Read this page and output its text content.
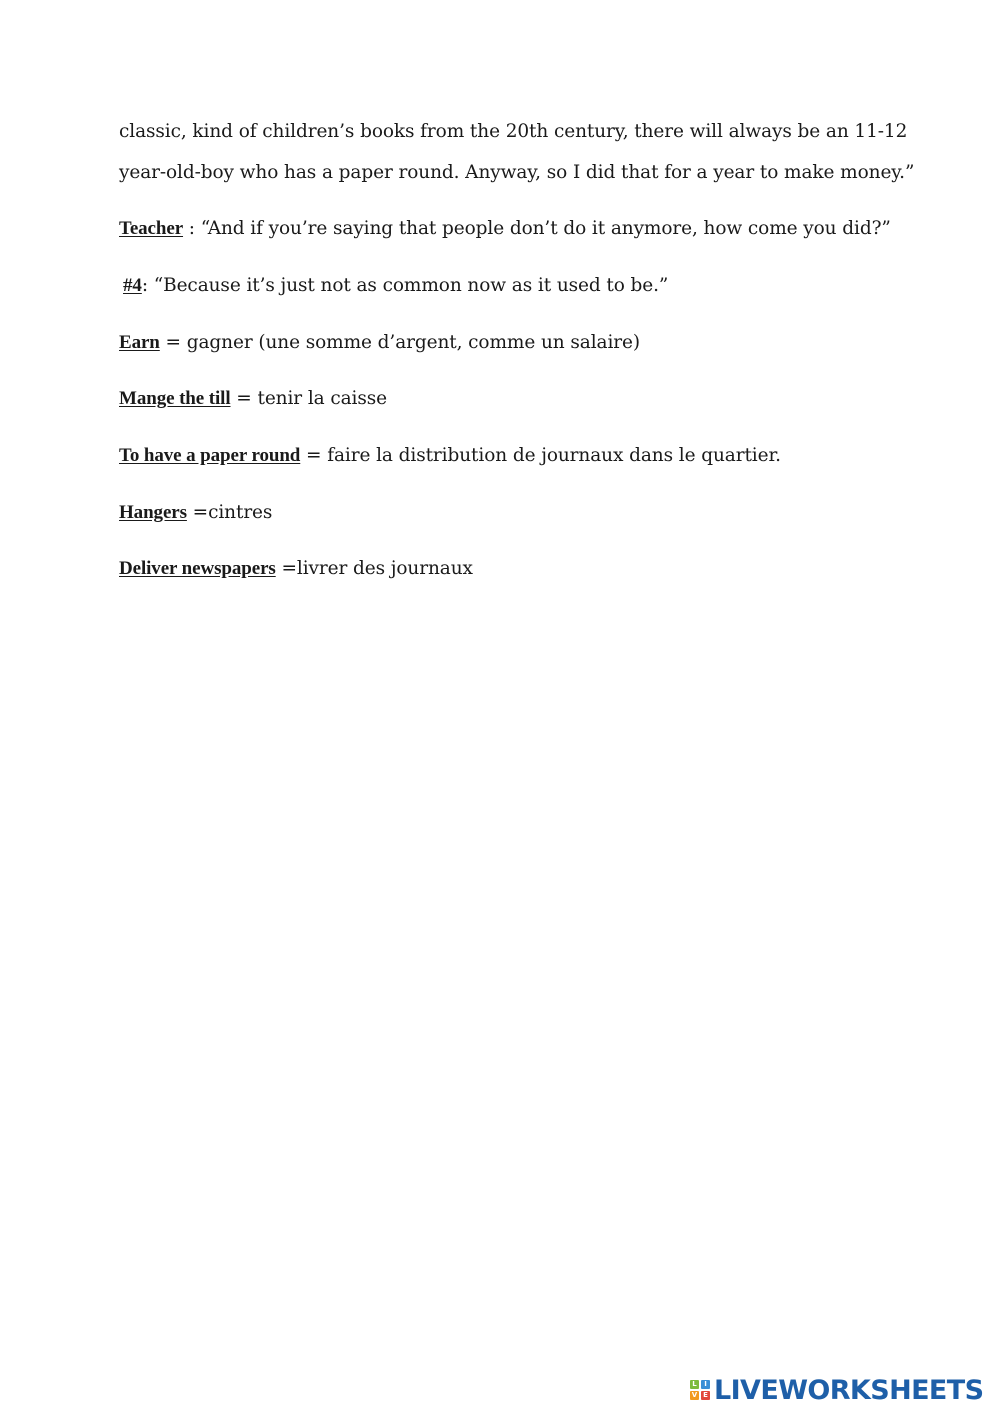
classic, kind of children’s books from the 20th century, there will always be an 11-12
year-old-boy who has a paper round. Anyway, so I did that for a year to make money.”
Teacher : “And if you’re saying that people don’t do it anymore, how come you did?”
#4: “Because it’s just not as common now as it used to be.”
Earn = gagner (une somme d’argent, comme un salaire)
Mange the till = tenir la caisse
To have a paper round = faire la distribution de journaux dans le quartier.
Hangers =cintres
Deliver newspapers =livrer des journaux
L	I
V E LIVEWORKSHEETS
